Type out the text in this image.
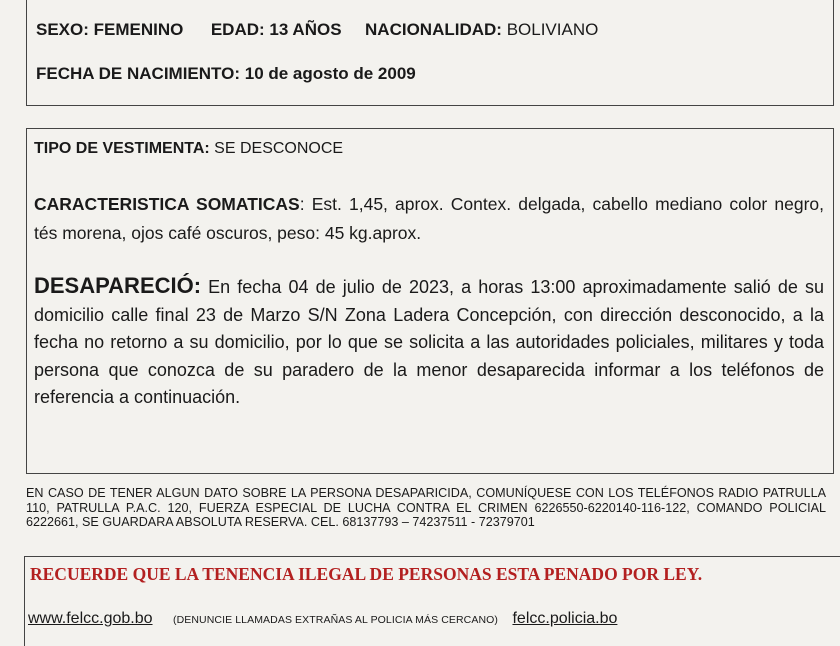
SEXO: FEMENINO EDAD: 13 AÑOS NACIONALIDAD: BOLIVIANO
FECHA DE NACIMIENTO: 10 de agosto de 2009
TIPO DE VESTIMENTA: SE DESCONOCE
CARACTERISTICA SOMATICAS: Est. 1,45, aprox. Contex. delgada, cabello mediano color negro, tés morena, ojos café oscuros, peso: 45 kg.aprox.
DESAPARECIÓ: En fecha 04 de julio de 2023, a horas 13:00 aproximadamente salió de su domicilio calle final 23 de Marzo S/N Zona Ladera Concepción, con dirección desconocido, a la fecha no retorno a su domicilio, por lo que se solicita a las autoridades policiales, militares y toda persona que conozca de su paradero de la menor desaparecida informar a los teléfonos de referencia a continuación.
EN CASO DE TENER ALGUN DATO SOBRE LA PERSONA DESAPARICIDA, COMUNÍQUESE CON LOS TELÉFONOS RADIO PATRULLA 110, PATRULLA P.A.C. 120, FUERZA ESPECIAL DE LUCHA CONTRA EL CRIMEN 6226550-6220140-116-122, COMANDO POLICIAL 6222661, SE GUARDARA ABSOLUTA RESERVA. CEL. 68137793 – 74237511 - 72379701
RECUERDE QUE LA TENENCIA ILEGAL DE PERSONAS ESTA PENADO POR LEY.
www.felcc.gob.bo (DENUNCIE LLAMADAS EXTRAÑAS AL POLICIA MÁS CERCANO) felcc.policia.bo
